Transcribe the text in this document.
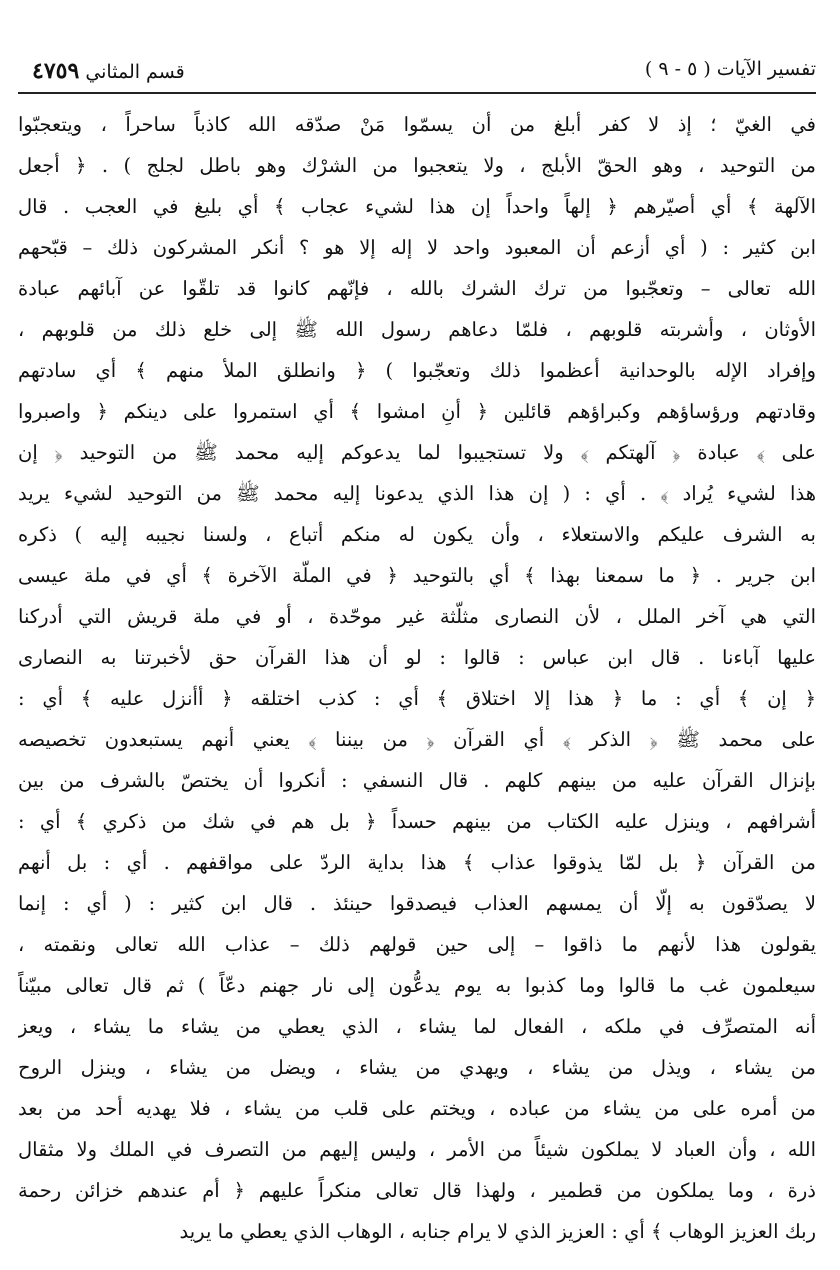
تفسير الآيات ( ٥ - ٩ )
قسم المثاني ٤٧٥٩
في الغيّ ؛ إذ لا كفر أبلغ من أن يسمّوا مَنْ صدّقه الله كاذباً ساحراً ، ويتعجبّوا
من التوحيد ، وهو الحقّ الأبلج ، ولا يتعجبوا من الشرْك وهو باطل لجلج ) . ﴿ أجعل
الآلهة ﴾ أي أصيّرهم ﴿ إلهاً واحداً إن هذا لشيء عجاب ﴾ أي بليغ في العجب . قال
ابن كثير : ( أي أزعم أن المعبود واحد لا إله إلا هو ؟ أنكر المشركون ذلك – قبّحهم
الله تعالى – وتعجّبوا من ترك الشرك بالله ، فإنّهم كانوا قد تلقّوا عن آبائهم عبادة
الأوثان ، وأشربته قلوبهم ، فلمّا دعاهم رسول الله ﷺ إلى خلع ذلك من قلوبهم ،
وإفراد الإله بالوحدانية أعظموا ذلك وتعجّبوا ) ﴿ وانطلق الملأ منهم ﴾ أي سادتهم
وقادتهم ورؤساؤهم وكبراؤهم قائلين ﴿ أنِ امشوا ﴾ أي استمروا على دينكم ﴿ واصبروا
على ﴾ عبادة ﴿ آلهتكم ﴾ ولا تستجيبوا لما يدعوكم إليه محمد ﷺ من التوحيد ﴿ إن
هذا لشيء يُراد ﴾ . أي : ( إن هذا الذي يدعونا إليه محمد ﷺ من التوحيد لشيء يريد
به الشرف عليكم والاستعلاء ، وأن يكون له منكم أتباع ، ولسنا نجيبه إليه ) ذكره
ابن جرير . ﴿ ما سمعنا بهذا ﴾ أي بالتوحيد ﴿ في الملّة الآخرة ﴾ أي في ملة عيسى
التي هي آخر الملل ، لأن النصارى مثلّثة غير موحّدة ، أو في ملة قريش التي أدركنا
عليها آباءنا . قال ابن عباس : قالوا : لو أن هذا القرآن حق لأخبرتنا به النصارى
﴿ إن ﴾ أي : ما ﴿ هذا إلا اختلاق ﴾ أي : كذب اختلقه ﴿ أأنزل عليه ﴾ أي :
على محمد ﷺ ﴿ الذكر ﴾ أي القرآن ﴿ من بيننا ﴾ يعني أنهم يستبعدون تخصيصه
بإنزال القرآن عليه من بينهم كلهم . قال النسفي : أنكروا أن يختصّ بالشرف من بين
أشرافهم ، وينزل عليه الكتاب من بينهم حسداً ﴿ بل هم في شك من ذكري ﴾ أي :
من القرآن ﴿ بل لمّا يذوقوا عذاب ﴾ هذا بداية الردّ على مواقفهم . أي : بل أنهم
لا يصدّقون به إلّا أن يمسهم العذاب فيصدقوا حينئذ . قال ابن كثير : ( أي : إنما
يقولون هذا لأنهم ما ذاقوا – إلى حين قولهم ذلك – عذاب الله تعالى ونقمته ،
سيعلمون غب ما قالوا وما كذبوا به يوم يدعُّون إلى نار جهنم دعّاً ) ثم قال تعالى مبيّناً
أنه المتصرِّف في ملكه ، الفعال لما يشاء ، الذي يعطي من يشاء ما يشاء ، ويعز
من يشاء ، ويذل من يشاء ، ويهدي من يشاء ، ويضل من يشاء ، وينزل الروح
من أمره على من يشاء من عباده ، ويختم على قلب من يشاء ، فلا يهديه أحد من بعد
الله ، وأن العباد لا يملكون شيئاً من الأمر ، وليس إليهم من التصرف في الملك ولا مثقال
ذرة ، وما يملكون من قطمير ، ولهذا قال تعالى منكراً عليهم ﴿ أم عندهم خزائن رحمة
ربك العزيز الوهاب ﴾ أي : العزيز الذي لا يرام جنابه ، الوهاب الذي يعطي ما يريد
